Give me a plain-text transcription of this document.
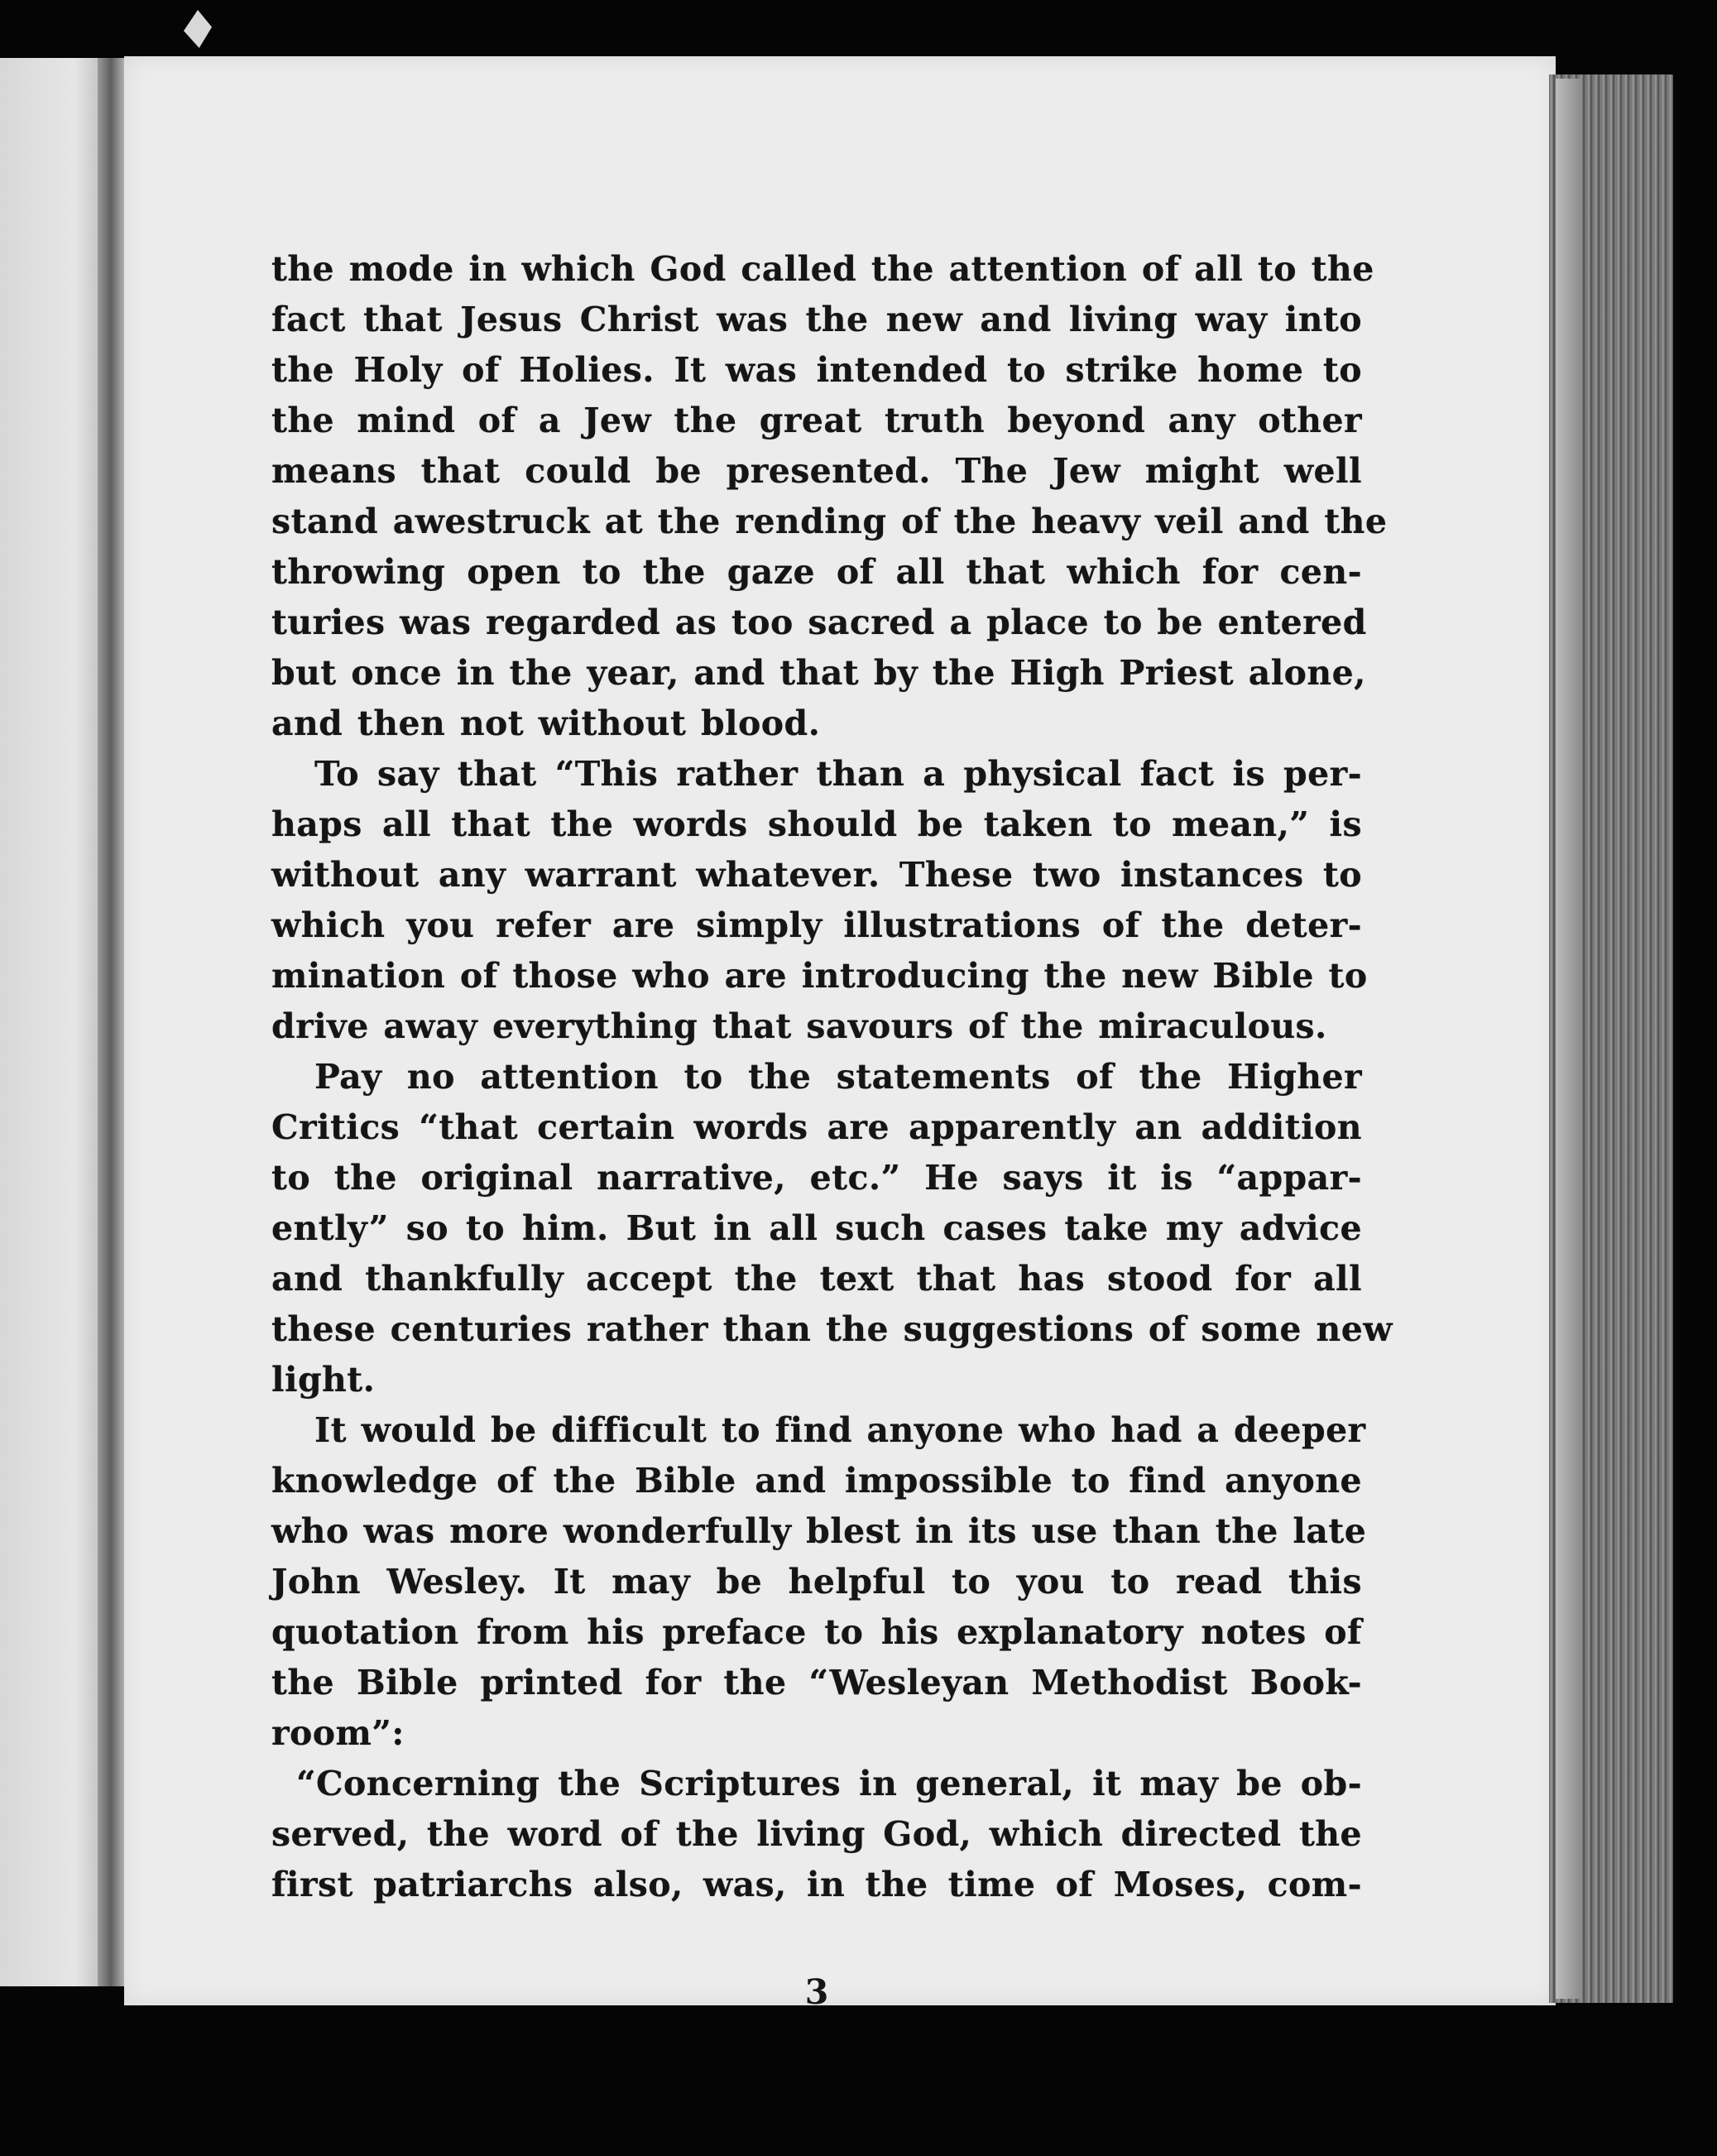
the mode in which God called the attention of all to the
fact that Jesus Christ was the new and living way into
the Holy of Holies. It was intended to strike home to
the mind of a Jew the great truth beyond any other
means that could be presented. The Jew might well
stand awestruck at the rending of the heavy veil and the
throwing open to the gaze of all that which for cen-
turies was regarded as too sacred a place to be entered
but once in the year, and that by the High Priest alone,
and then not without blood.
To say that “This rather than a physical fact is per-
haps all that the words should be taken to mean,” is
without any warrant whatever. These two instances to
which you refer are simply illustrations of the deter-
mination of those who are introducing the new Bible to
drive away everything that savours of the miraculous.
Pay no attention to the statements of the Higher
Critics “that certain words are apparently an addition
to the original narrative, etc.” He says it is “appar-
ently” so to him. But in all such cases take my advice
and thankfully accept the text that has stood for all
these centuries rather than the suggestions of some new
light.
It would be difficult to find anyone who had a deeper
knowledge of the Bible and impossible to find anyone
who was more wonderfully blest in its use than the late
John Wesley. It may be helpful to you to read this
quotation from his preface to his explanatory notes of
the Bible printed for the “Wesleyan Methodist Book-
room”:
“Concerning the Scriptures in general, it may be ob-
served, the word of the living God, which directed the
first patriarchs also, was, in the time of Moses, com-
3
